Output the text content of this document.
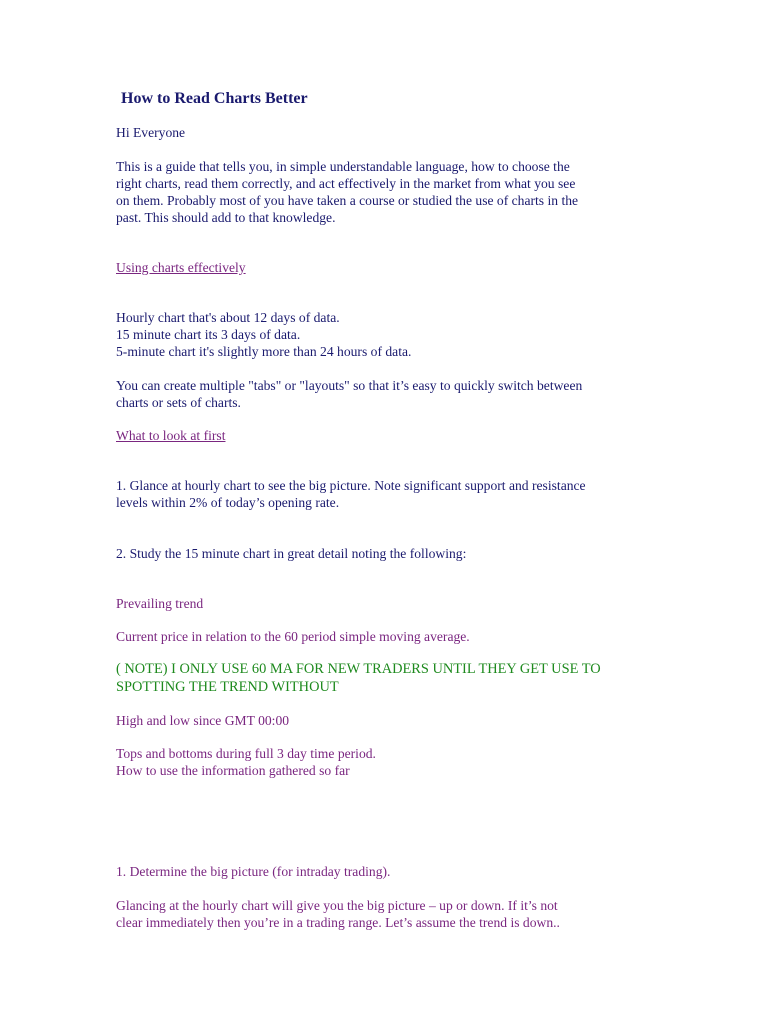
How to Read Charts Better

Hi Everyone

This is a guide that tells you, in simple understandable language, how to choose the
right charts, read them correctly, and act effectively in the market from what you see
on them. Probably most of you have taken a course or studied the use of charts in the
past. This should add to that knowledge.

Using charts effectively

Hourly chart that's about 12 days of data.
15 minute chart its 3 days of data.
5-minute chart it's slightly more than 24 hours of data.

You can create multiple "tabs" or "layouts" so that it’s easy to quickly switch between
charts or sets of charts.

What to look at first

1. Glance at hourly chart to see the big picture. Note significant support and resistance
levels within 2% of today’s opening rate.

2. Study the 15 minute chart in great detail noting the following:

Prevailing trend

Current price in relation to the 60 period simple moving average.

( NOTE) I ONLY USE 60 MA FOR NEW TRADERS UNTIL THEY GET USE TO
SPOTTING THE TREND WITHOUT

High and low since GMT 00:00

Tops and bottoms during full 3 day time period.
How to use the information gathered so far

1. Determine the big picture (for intraday trading).

Glancing at the hourly chart will give you the big picture – up or down. If it’s not
clear immediately then you’re in a trading range. Let’s assume the trend is down..
